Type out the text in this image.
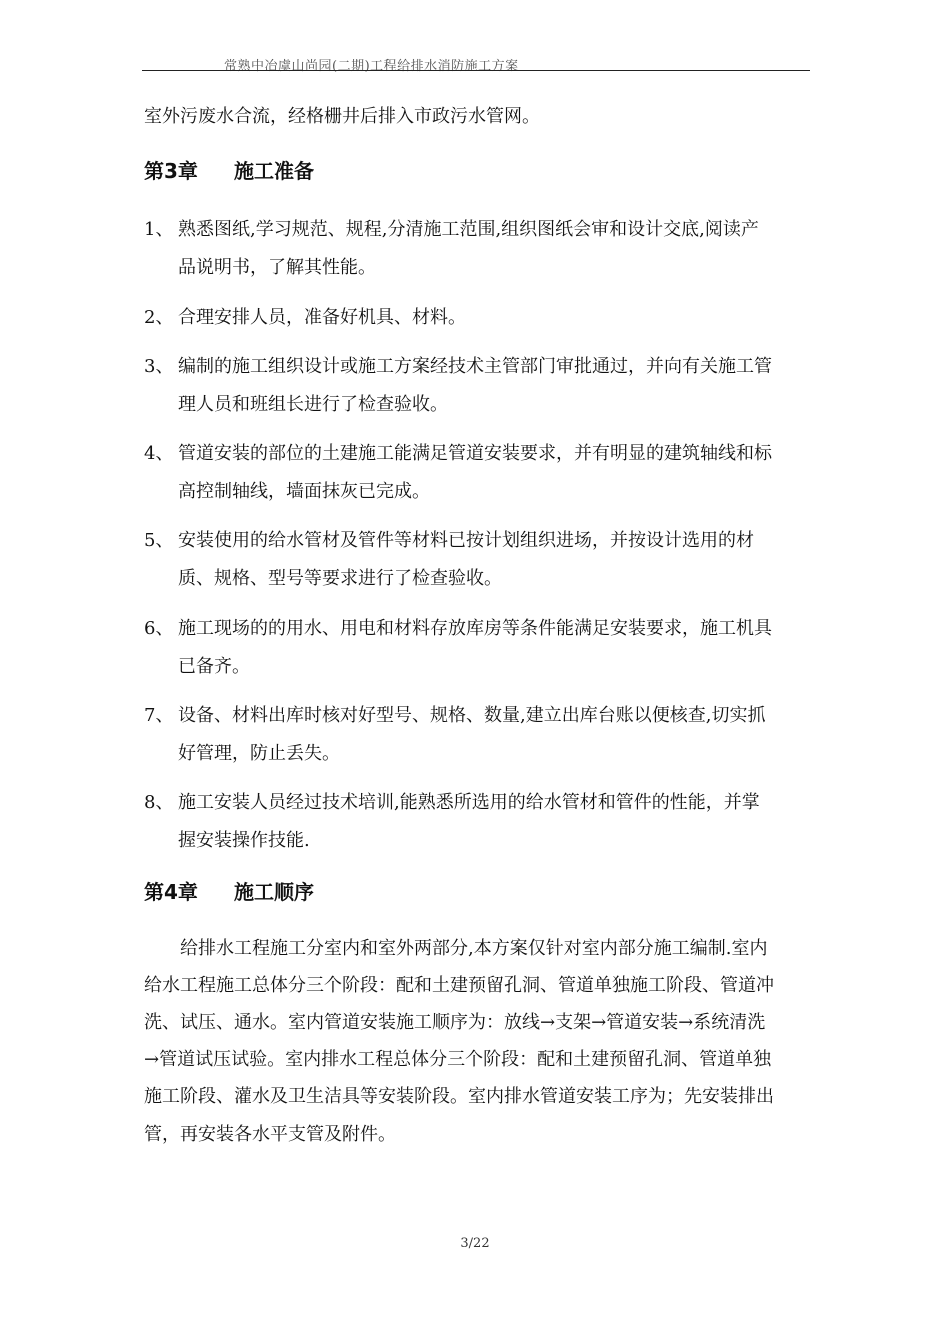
常熟中冶虞山尚园(二期)工程给排水消防施工方案
室外污废水合流，经格栅井后排入市政污水管网。
第3章 施工准备
1、 熟悉图纸,学习规范、规程,分清施工范围,组织图纸会审和设计交底,阅读产
品说明书，了解其性能。
2、 合理安排人员，准备好机具、材料。
3、 编制的施工组织设计或施工方案经技术主管部门审批通过，并向有关施工管
理人员和班组长进行了检查验收。
4、 管道安装的部位的土建施工能满足管道安装要求，并有明显的建筑轴线和标
高控制轴线，墙面抹灰已完成。
5、 安装使用的给水管材及管件等材料已按计划组织进场，并按设计选用的材
质、规格、型号等要求进行了检查验收。
6、 施工现场的的用水、用电和材料存放库房等条件能满足安装要求，施工机具
已备齐。
7、 设备、材料出库时核对好型号、规格、数量,建立出库台账以便核查,切实抓
好管理，防止丢失。
8、 施工安装人员经过技术培训,能熟悉所选用的给水管材和管件的性能，并掌
握安装操作技能.
第4章 施工顺序
给排水工程施工分室内和室外两部分,本方案仅针对室内部分施工编制.室内
给水工程施工总体分三个阶段：配和土建预留孔洞、管道单独施工阶段、管道冲
洗、试压、通水。室内管道安装施工顺序为：放线→支架→管道安装→系统清洗
→管道试压试验。室内排水工程总体分三个阶段：配和土建预留孔洞、管道单独
施工阶段、灌水及卫生洁具等安装阶段。室内排水管道安装工序为；先安装排出
管，再安装各水平支管及附件。
3/22
